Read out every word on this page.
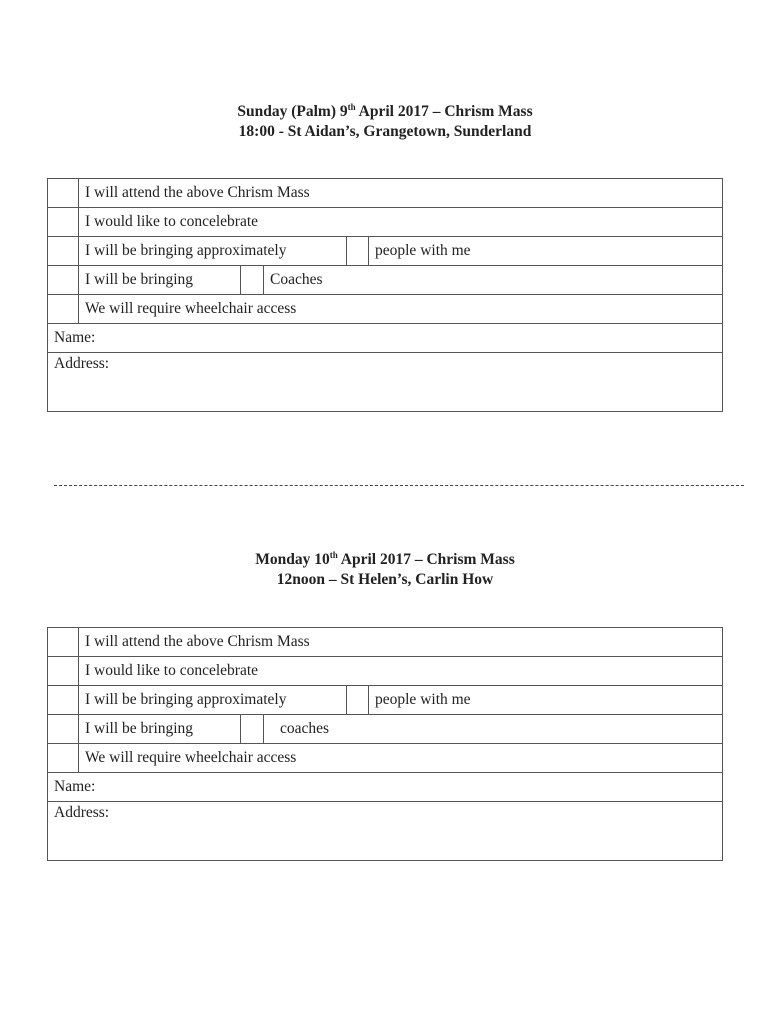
Sunday (Palm) 9th April 2017 – Chrism Mass
18:00 - St Aidan’s, Grangetown, Sunderland
	I will attend the above Chrism Mass				
	I would like to concelebrate				
	I will be bringing approximately				people with me
	I will be bringing		Coaches		
	We will require wheelchair access				
Name:					
Address:					
Monday 10th April 2017 – Chrism Mass
12noon – St Helen’s, Carlin How
	I will attend the above Chrism Mass				
	I would like to concelebrate				
	I will be bringing approximately				people with me
	I will be bringing		coaches		
	We will require wheelchair access				
Name:					
Address:					
